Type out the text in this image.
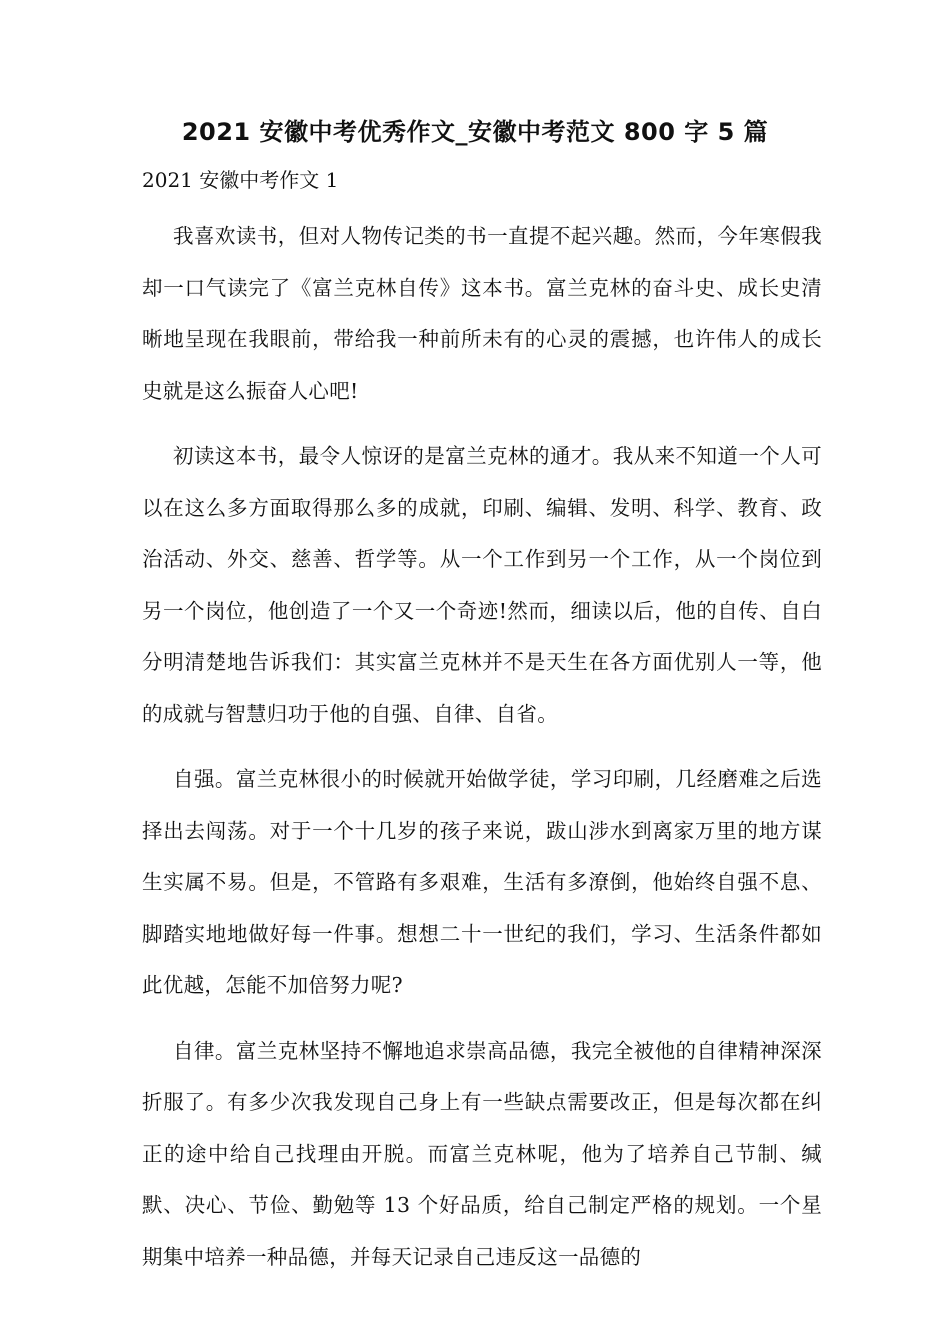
2021 安徽中考优秀作文_安徽中考范文 800 字 5 篇
2021 安徽中考作文 1

我喜欢读书，但对人物传记类的书一直提不起兴趣。然而，今年寒假我却一口气读完了《富兰克林自传》这本书。富兰克林的奋斗史、成长史清晰地呈现在我眼前，带给我一种前所未有的心灵的震撼，也许伟人的成长史就是这么振奋人心吧!

初读这本书，最令人惊讶的是富兰克林的通才。我从来不知道一个人可以在这么多方面取得那么多的成就，印刷、编辑、发明、科学、教育、政治活动、外交、慈善、哲学等。从一个工作到另一个工作，从一个岗位到另一个岗位，他创造了一个又一个奇迹!然而，细读以后，他的自传、自白分明清楚地告诉我们：其实富兰克林并不是天生在各方面优别人一等，他的成就与智慧归功于他的自强、自律、自省。

自强。富兰克林很小的时候就开始做学徒，学习印刷，几经磨难之后选择出去闯荡。对于一个十几岁的孩子来说，跋山涉水到离家万里的地方谋生实属不易。但是，不管路有多艰难，生活有多潦倒，他始终自强不息、脚踏实地地做好每一件事。想想二十一世纪的我们，学习、生活条件都如此优越，怎能不加倍努力呢?

自律。富兰克林坚持不懈地追求崇高品德，我完全被他的自律精神深深折服了。有多少次我发现自己身上有一些缺点需要改正，但是每次都在纠正的途中给自己找理由开脱。而富兰克林呢，他为了培养自己节制、缄默、决心、节俭、勤勉等 13 个好品质，给自己制定严格的规划。一个星期集中培养一种品德，并每天记录自己违反这一品德的
